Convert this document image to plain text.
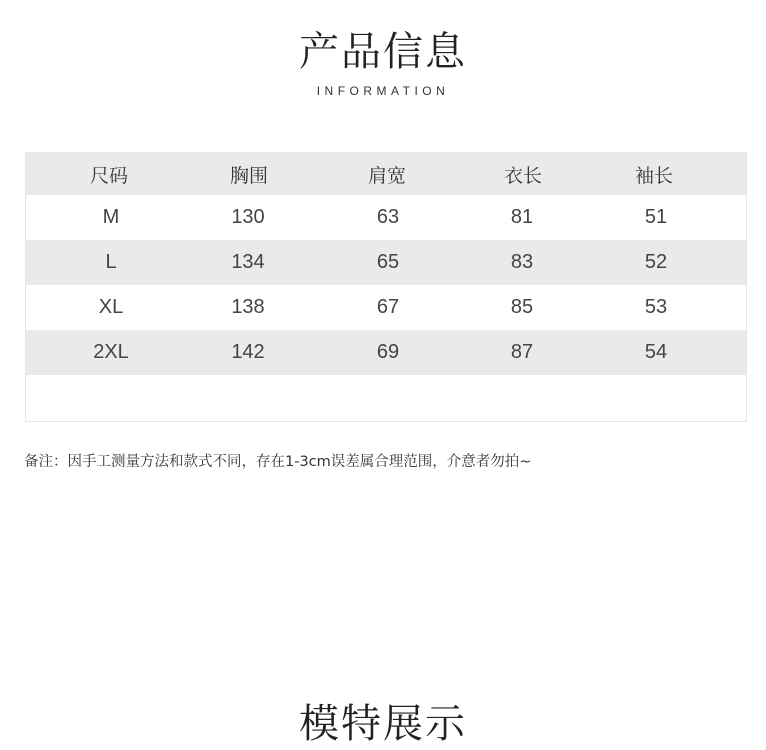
产品信息
INFORMATION
尺码	胸围	肩宽	衣长	袖长
M	130	63	81	51
L	134	65	83	52
XL	138	67	85	53
2XL	142	69	87	54
备注：因手工测量方法和款式不同，存在1-3cm误差属合理范围，介意者勿拍~
模特展示
